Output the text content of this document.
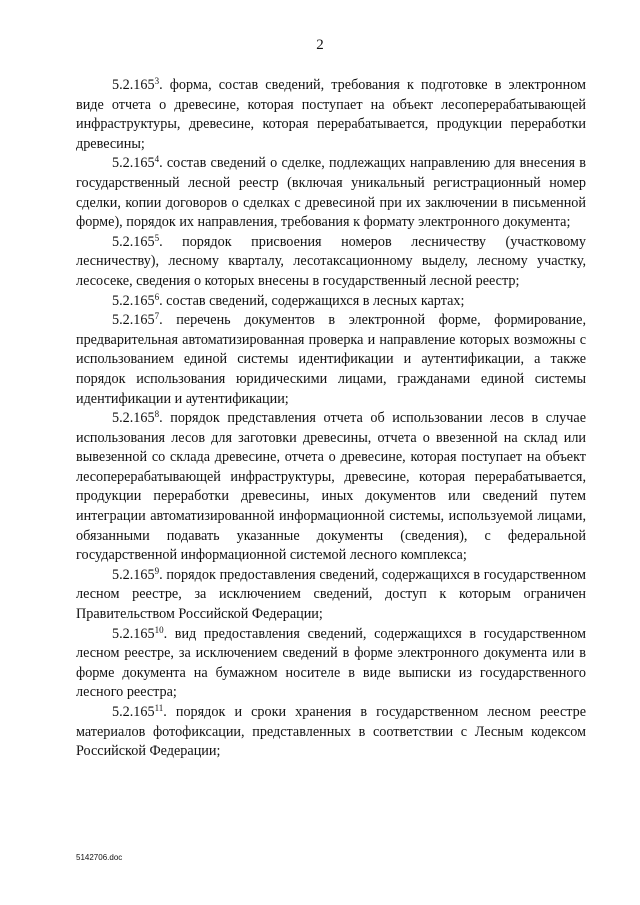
2

5.2.165$^3$. форма, состав сведений, требования к подготовке в электронном виде отчета о древесине, которая поступает на объект лесоперерабатывающей инфраструктуры, древесине, которая перерабатывается, продукции переработки древесины;

5.2.165$^4$. состав сведений о сделке, подлежащих направлению для внесения в государственный лесной реестр (включая уникальный регистрационный номер сделки, копии договоров о сделках с древесиной при их заключении в письменной форме), порядок их направления, требования к формату электронного документа;

5.2.165$^5$. порядок присвоения номеров лесничеству (участковому лесничеству), лесному кварталу, лесотаксационному выделу, лесному участку, лесосеке, сведения о которых внесены в государственный лесной реестр;

5.2.165$^6$. состав сведений, содержащихся в лесных картах;

5.2.165$^7$. перечень документов в электронной форме, формирование, предварительная автоматизированная проверка и направление которых возможны с использованием единой системы идентификации и аутентификации, а также порядок использования юридическими лицами, гражданами единой системы идентификации и аутентификации;

5.2.165$^8$. порядок представления отчета об использовании лесов в случае использования лесов для заготовки древесины, отчета о ввезенной на склад или вывезенной со склада древесине, отчета о древесине, которая поступает на объект лесоперерабатывающей инфраструктуры, древесине, которая перерабатывается, продукции переработки древесины, иных документов или сведений путем интеграции автоматизированной информационной системы, используемой лицами, обязанными подавать указанные документы (сведения), с федеральной государственной информационной системой лесного комплекса;

5.2.165$^9$. порядок предоставления сведений, содержащихся в государственном лесном реестре, за исключением сведений, доступ к которым ограничен Правительством Российской Федерации;

5.2.165$^{10}$. вид предоставления сведений, содержащихся в государственном лесном реестре, за исключением сведений в форме электронного документа или в форме документа на бумажном носителе в виде выписки из государственного лесного реестра;

5.2.165$^{11}$. порядок и сроки хранения в государственном лесном реестре материалов фотофиксации, представленных в соответствии с Лесным кодексом Российской Федерации;

5142706.doc
